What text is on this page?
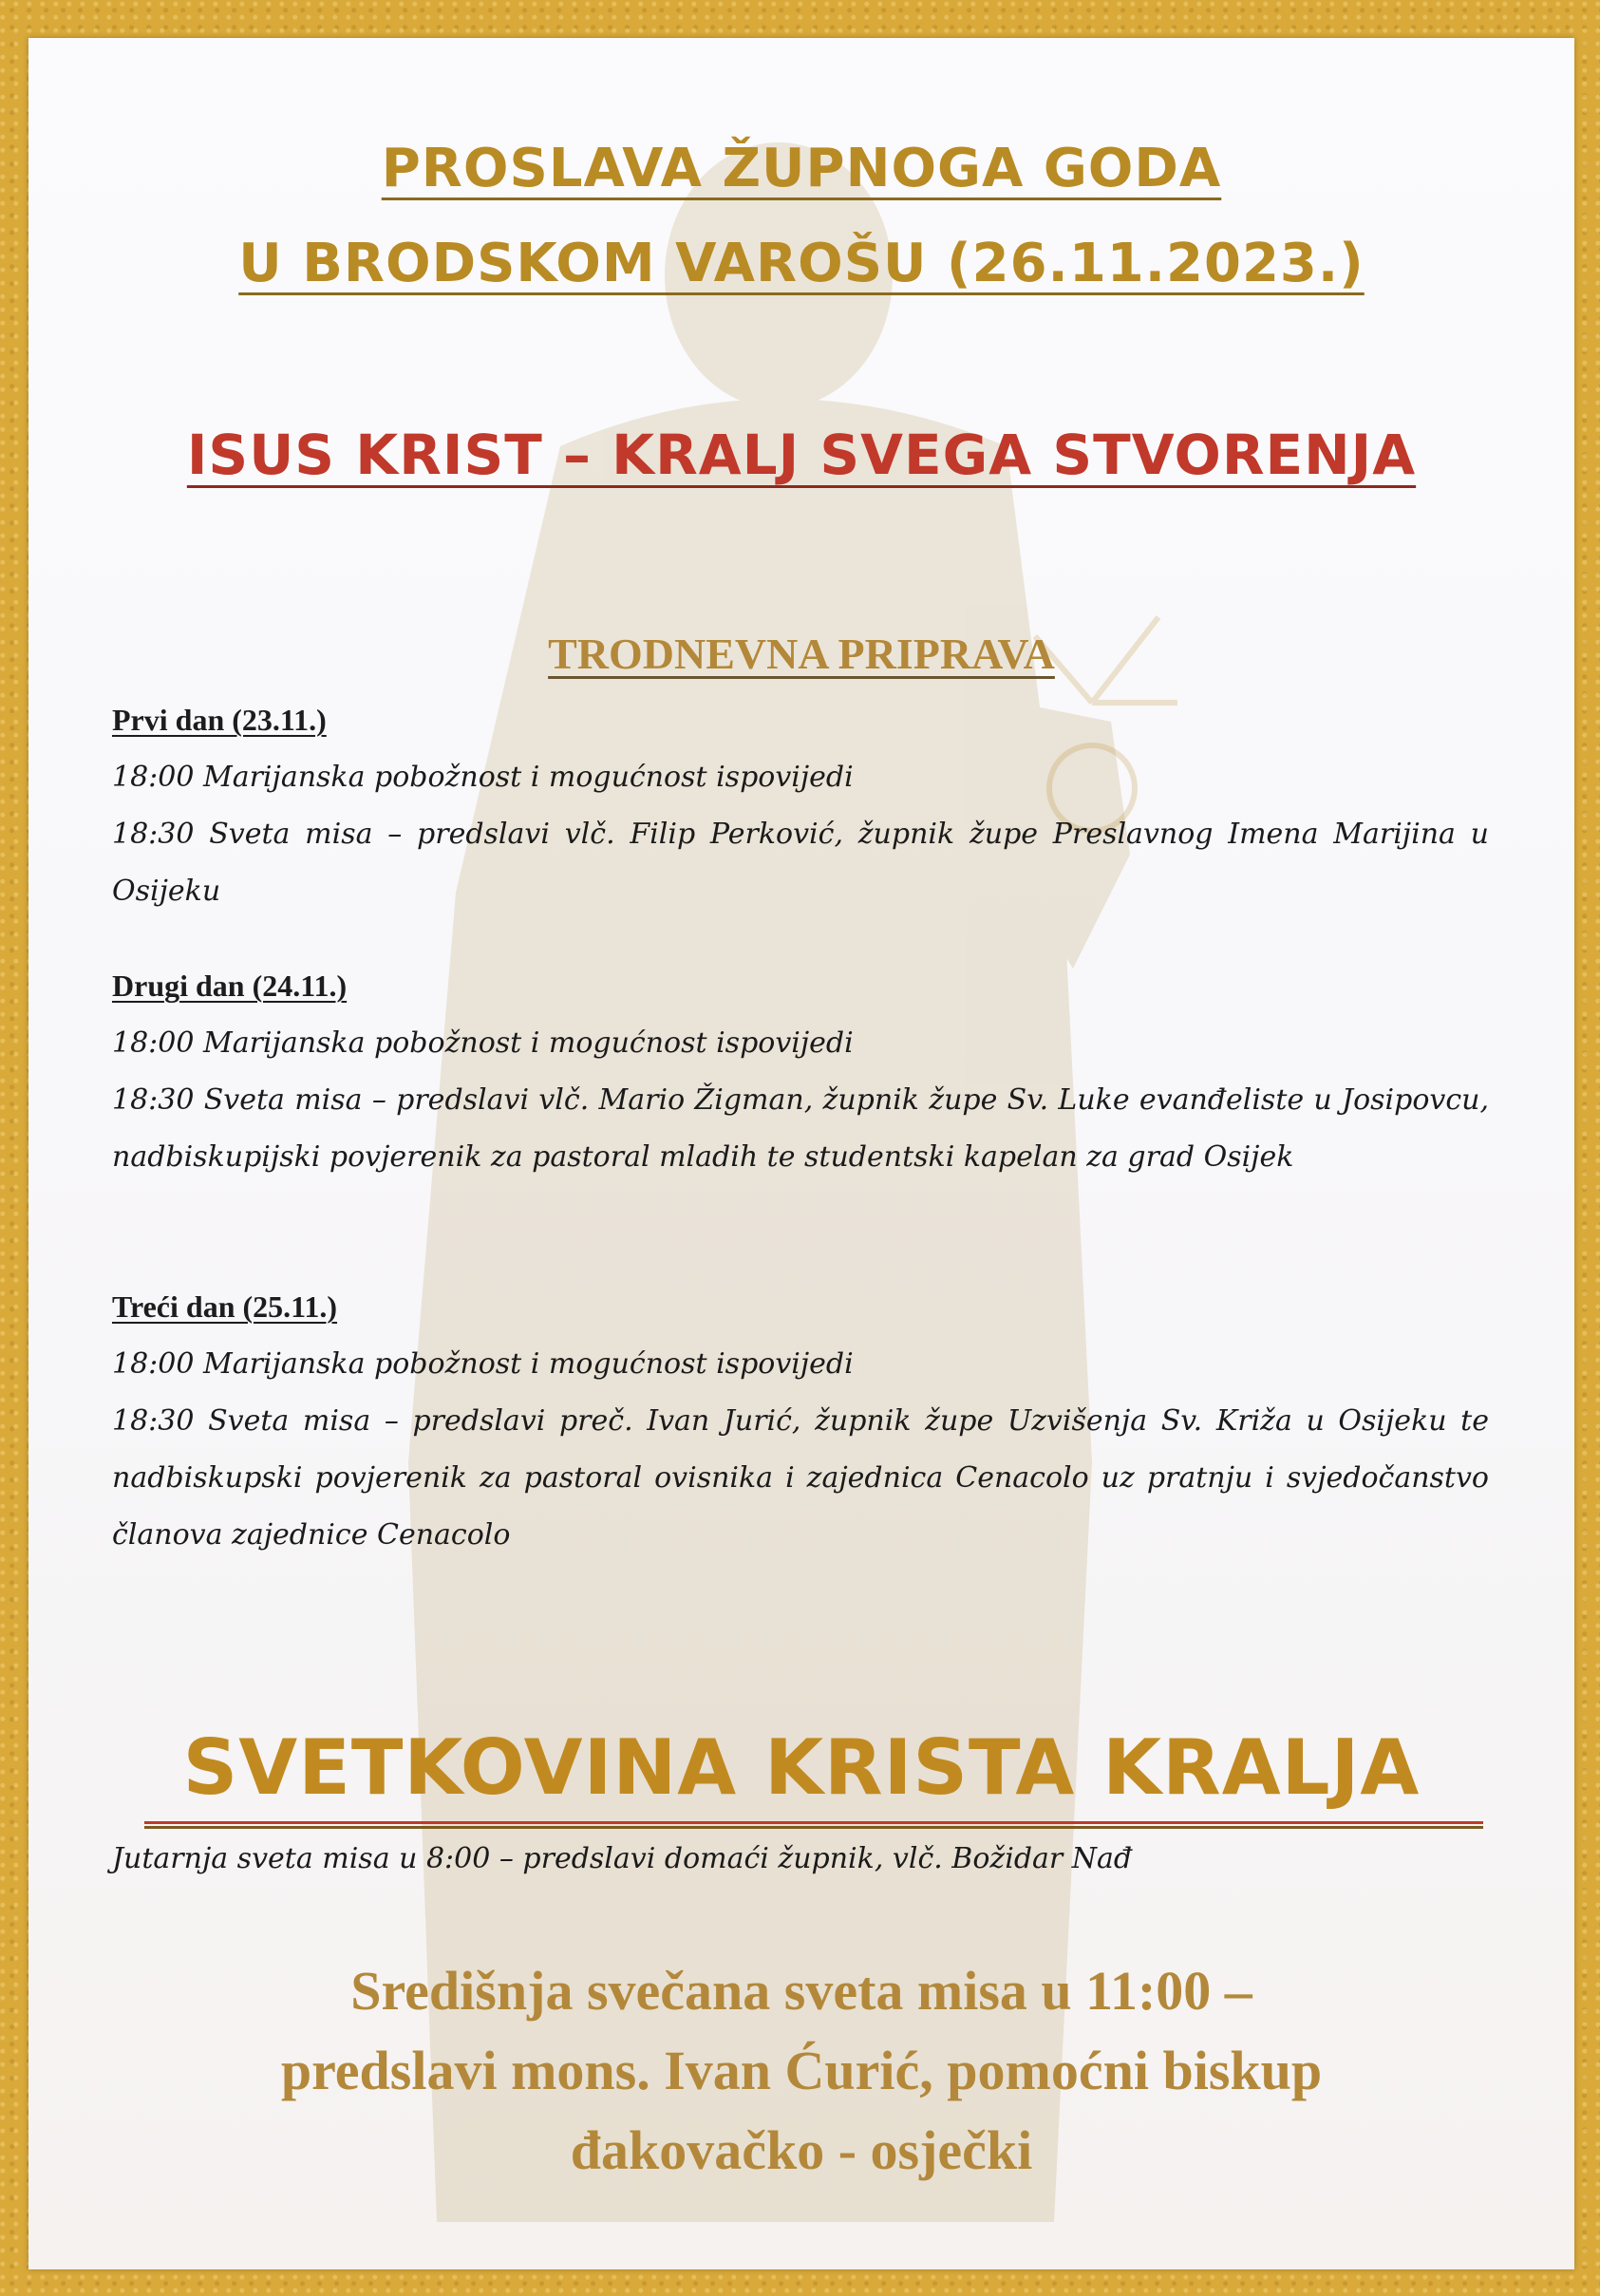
PROSLAVA ŽUPNOGA GODA
U BRODSKOM VAROŠU (26.11.2023.)
ISUS KRIST – KRALJ SVEGA STVORENJA
TRODNEVNA PRIPRAVA
Prvi dan (23.11.)
18:00 Marijanska pobožnost i mogućnost ispovijedi
18:30 Sveta misa – predslavi vlč. Filip Perković, župnik župe Preslavnog Imena Marijina u Osijeku
Drugi dan (24.11.)
18:00 Marijanska pobožnost i mogućnost ispovijedi
18:30 Sveta misa – predslavi vlč. Mario Žigman, župnik župe Sv. Luke evanđeliste u Josipovcu, nadbiskupijski povjerenik za pastoral mladih te studentski kapelan za grad Osijek
Treći dan (25.11.)
18:00 Marijanska pobožnost i mogućnost ispovijedi
18:30 Sveta misa – predslavi preč. Ivan Jurić, župnik župe Uzvišenja Sv. Križa u Osijeku te nadbiskupski povjerenik za pastoral ovisnika i zajednica Cenacolo uz pratnju i svjedočanstvo članova zajednice Cenacolo
SVETKOVINA KRISTA KRALJA
Jutarnja sveta misa u 8:00 – predslavi domaći župnik, vlč. Božidar Nađ
Središnja svečana sveta misa u 11:00 –
predslavi mons. Ivan Ćurić, pomoćni biskup
đakovačko - osječki
